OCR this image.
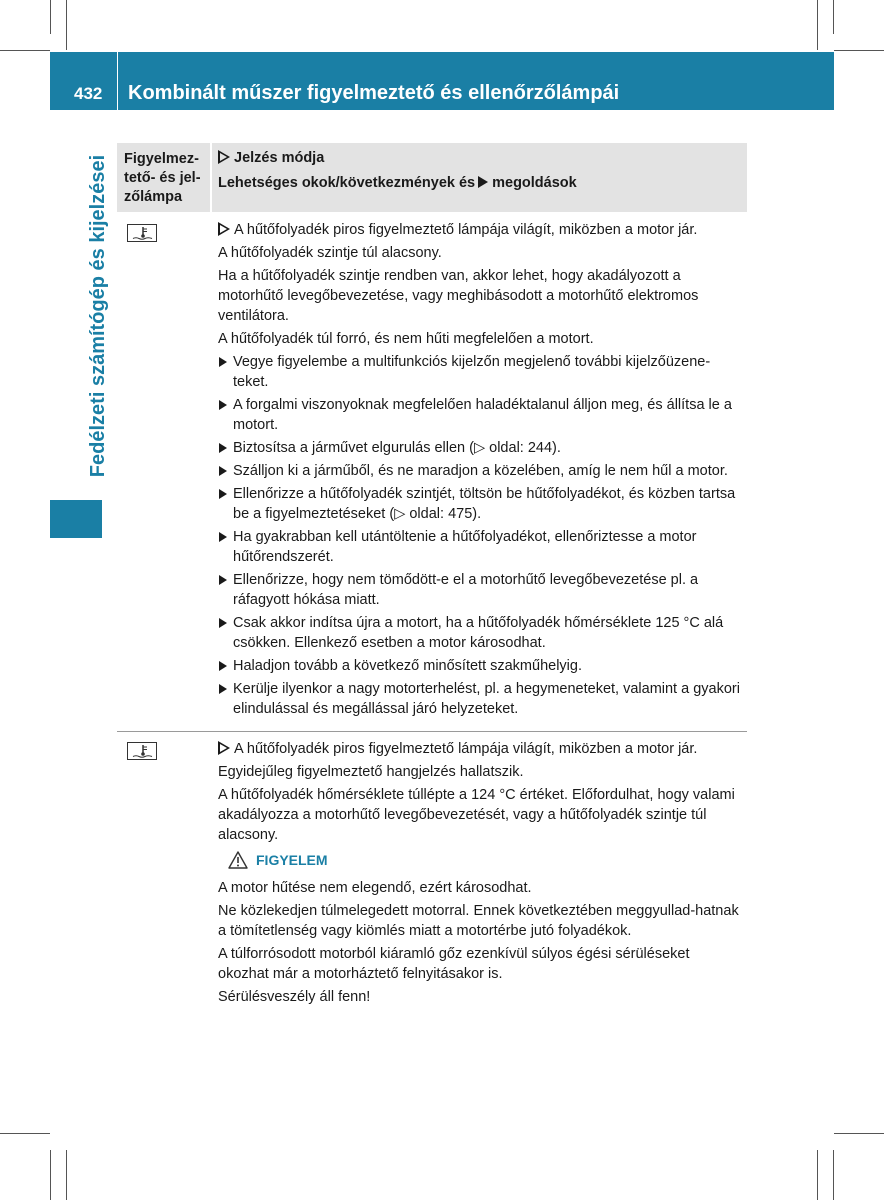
432 Kombinált műszer figyelmeztető és ellenőrzőlámpái
Fedélzeti számítógép és kijelzései	Figyelmez-
tető- és jel-
zőlámpa
Jelzés módja
Lehetséges okok/következmények és megoldások

A hűtőfolyadék piros figyelmeztető lámpája világít, miközben a motor jár.

A hűtőfolyadék szintje túl alacsony.

Ha a hűtőfolyadék szintje rendben van, akkor lehet, hogy akadályozott a motorhűtő levegőbevezetése, vagy meghibásodott a motorhűtő elektromos ventilátora.

A hűtőfolyadék túl forró, és nem hűti megfelelően a motort.

Vegye figyelembe a multifunkciós kijelzőn megjelenő további kijelzőüzene-teket.
A forgalmi viszonyoknak megfelelően haladéktalanul álljon meg, és állítsa le a motort.
Biztosítsa a járművet elgurulás ellen (▷ oldal: 244).
Szálljon ki a járműből, és ne maradjon a közelében, amíg le nem hűl a motor.
Ellenőrizze a hűtőfolyadék szintjét, töltsön be hűtőfolyadékot, és közben tartsa be a figyelmeztetéseket (▷ oldal: 475).
Ha gyakrabban kell utántöltenie a hűtőfolyadékot, ellenőriztesse a motor hűtőrendszerét.
Ellenőrizze, hogy nem tömődött-e el a motorhűtő levegőbevezetése pl. a ráfagyott hókása miatt.
Csak akkor indítsa újra a motort, ha a hűtőfolyadék hőmérséklete 125 °C alá csökken. Ellenkező esetben a motor károsodhat.
Haladjon tovább a következő minősített szakműhelyig.
Kerülje ilyenkor a nagy motorterhelést, pl. a hegymeneteket, valamint a gyakori elindulással és megállással járó helyzeteket.

A hűtőfolyadék piros figyelmeztető lámpája világít, miközben a motor jár.

Egyidejűleg figyelmeztető hangjelzés hallatszik.

A hűtőfolyadék hőmérséklete túllépte a 124 °C értéket. Előfordulhat, hogy valami akadályozza a motorhűtő levegőbevezetését, vagy a hűtőfolyadék szintje túl alacsony.

FIGYELEM

A motor hűtése nem elegendő, ezért károsodhat.

Ne közlekedjen túlmelegedett motorral. Ennek következtében meggyullad-hatnak a tömítetlenség vagy kiömlés miatt a motortérbe jutó folyadékok.

A túlforrósodott motorból kiáramló gőz ezenkívül súlyos égési sérüléseket okozhat már a motorháztető felnyitásakor is.

Sérülésveszély áll fenn!
